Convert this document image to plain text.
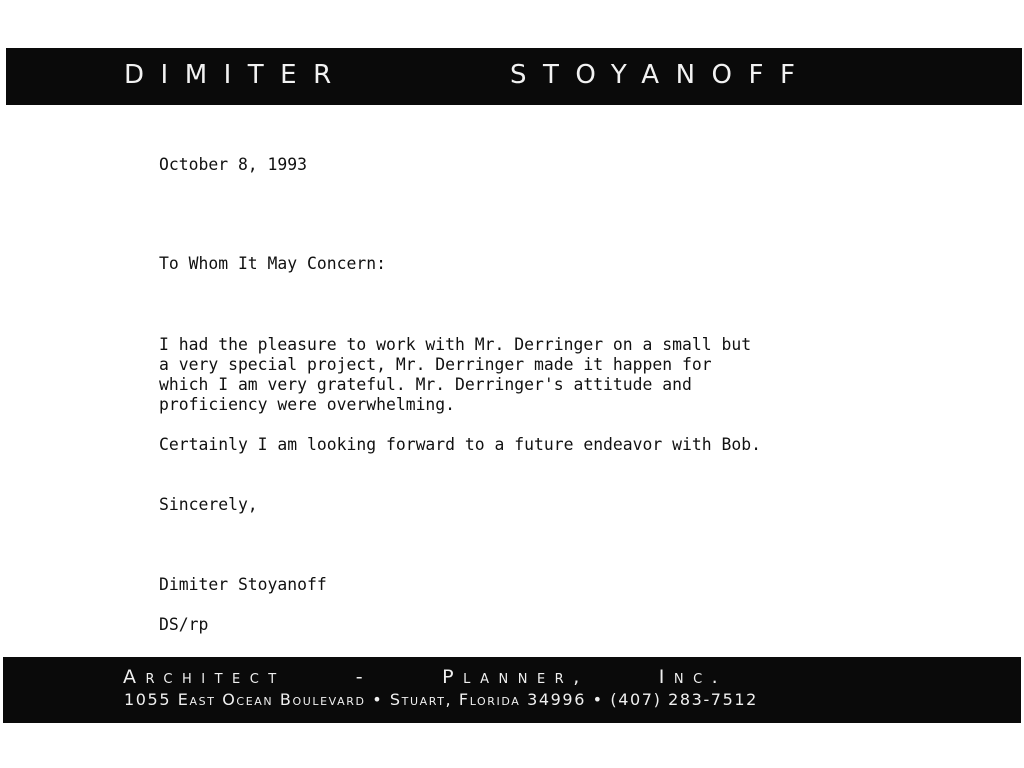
DIMITER	STOYANOFF
October 8, 1993
To Whom It May Concern:
I had the pleasure to work with Mr. Derringer on a small but
a very special project, Mr. Derringer made it happen for
which I am very grateful. Mr. Derringer's attitude and
proficiency were overwhelming.
Certainly I am looking forward to a future endeavor with Bob.
Sincerely,
Dimiter Stoyanoff
DS/rp
Architect	-	Planner,	Inc.
1055 East Ocean Boulevard • Stuart, Florida 34996 • (407) 283-7512
